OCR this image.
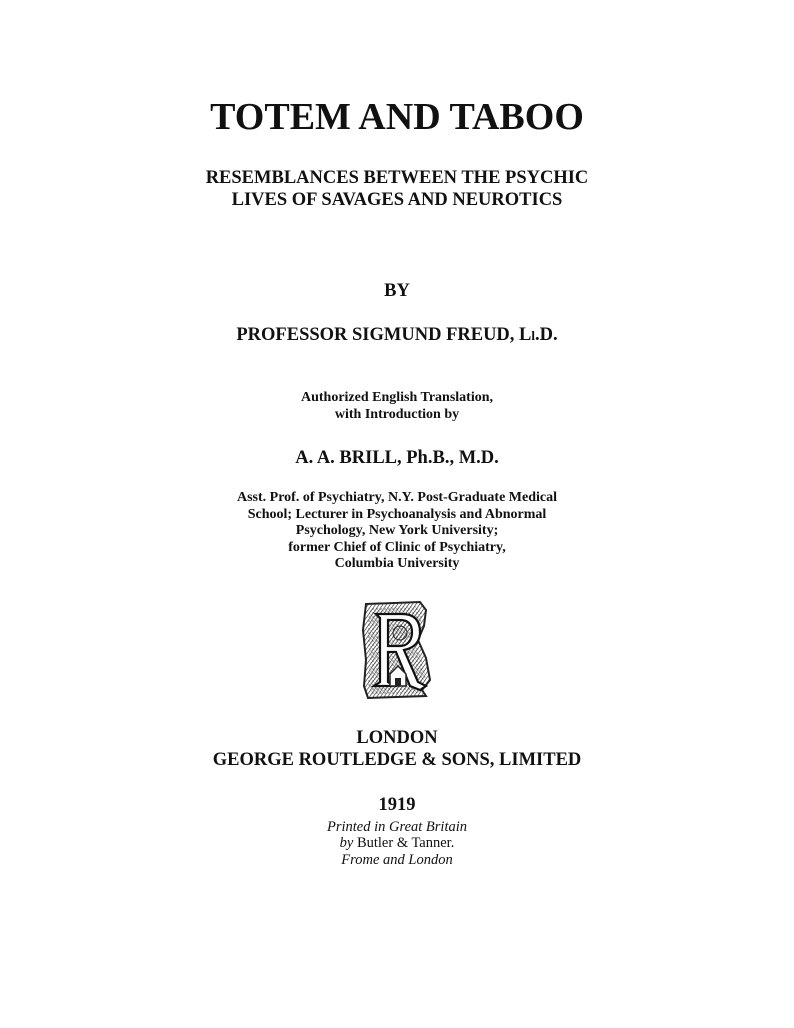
TOTEM AND TABOO
RESEMBLANCES BETWEEN THE PSYCHIC
LIVES OF SAVAGES AND NEUROTICS
BY
PROFESSOR SIGMUND FREUD, Ll.D.
Authorized English Translation,
with Introduction by
A. A. BRILL, Ph.B., M.D.
Asst. Prof. of Psychiatry, N.Y. Post-Graduate Medical
School; Lecturer in Psychoanalysis and Abnormal
Psychology, New York University;
former Chief of Clinic of Psychiatry,
Columbia University
LONDON
GEORGE ROUTLEDGE & SONS, LIMITED
1919
Printed in Great Britain
by Butler & Tanner.
Frome and London
